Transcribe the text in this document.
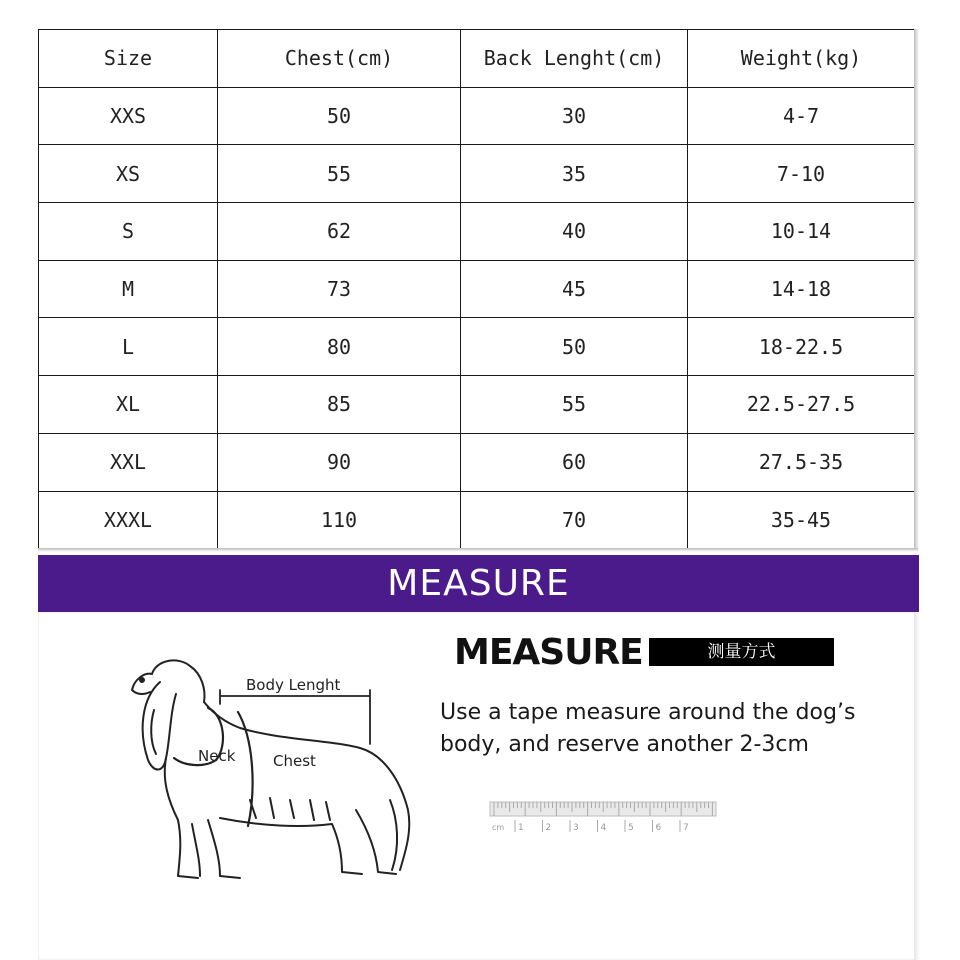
Size	Chest(cm)	Back Lenght(cm)	Weight(kg)
XXS	50	30	4-7
XS	55	35	7-10
S	62	40	10-14
M	73	45	14-18
L	80	50	18-22.5
XL	85	55	22.5-27.5
XXL	90	60	27.5-35
XXXL	110	70	35-45
MEASURE
Body Lenght
Neck	Chest
MEASURE	测量方式
Use a tape measure around the dog’s
body, and reserve another 2-3cm
cm 1 2 3 4 5 6 7
